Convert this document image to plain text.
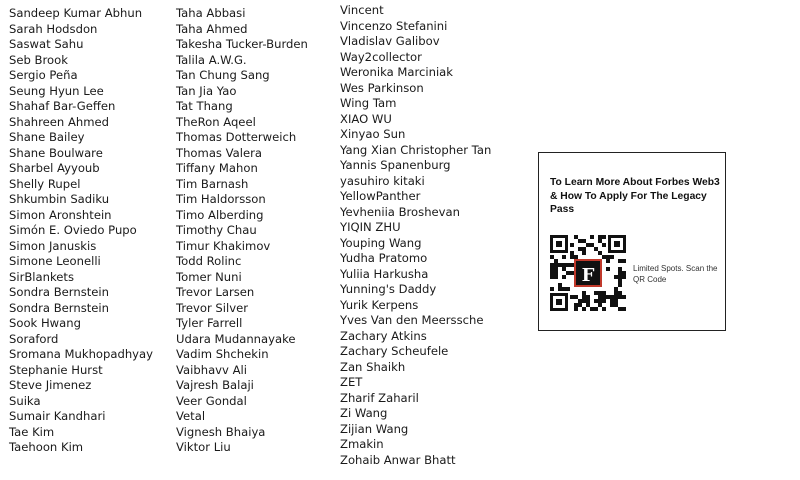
Sandeep Kumar Abhun
Sarah Hodsdon
Saswat Sahu
Seb Brook
Sergio Peña
Seung Hyun Lee
Shahaf Bar-Geffen
Shahreen Ahmed
Shane Bailey
Shane Boulware
Sharbel Ayyoub
Shelly Rupel
Shkumbin Sadiku
Simon Aronshtein
Simón E. Oviedo Pupo
Simon Januskis
Simone Leonelli
SirBlankets
Sondra Bernstein
Sondra Bernstein
Sook Hwang
Soraford
Sromana Mukhopadhyay
Stephanie Hurst
Steve Jimenez
Suika
Sumair Kandhari
Tae Kim
Taehoon Kim
Taha Abbasi
Taha Ahmed
Takesha Tucker-Burden
Talila A.W.G.
Tan Chung Sang
Tan Jia Yao
Tat Thang
TheRon Aqeel
Thomas Dotterweich
Thomas Valera
Tiffany Mahon
Tim Barnash
Tim Haldorsson
Timo Alberding
Timothy Chau
Timur Khakimov
Todd Rolinc
Tomer Nuni
Trevor Larsen
Trevor Silver
Tyler Farrell
Udara Mudannayake
Vadim Shchekin
Vaibhavv Ali
Vajresh Balaji
Veer Gondal
Vetal
Vignesh Bhaiya
Viktor Liu
Vincent
Vincenzo Stefanini
Vladislav Galibov
Way2collector
Weronika Marciniak
Wes Parkinson
Wing Tam
XIAO WU
Xinyao Sun
Yang Xian Christopher Tan
Yannis Spanenburg
yasuhiro kitaki
YellowPanther
Yevheniia Broshevan
YIQIN ZHU
Youping Wang
Yudha Pratomo
Yuliia Harkusha
Yunning's Daddy
Yurik Kerpens
Yves Van den Meerssche
Zachary Atkins
Zachary Scheufele
Zan Shaikh
ZET
Zharif Zaharil
Zi Wang
Zijian Wang
Zmakin
Zohaib Anwar Bhatt
To Learn More About Forbes Web3 & How To Apply For The Legacy Pass
F	Limited Spots. Scan the QR Code
